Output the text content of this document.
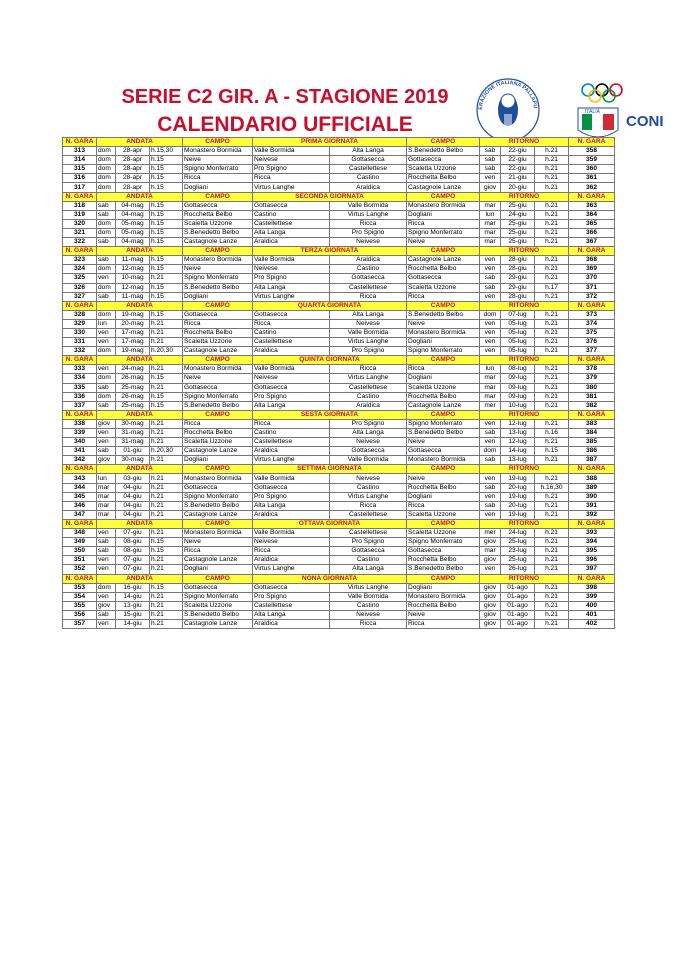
SERIE C2 GIR. A - STAGIONE 2019
CALENDARIO UFFICIALE
ERAZIONE ITALIANA PALLAPU
ITALIA
CONI
N. GARA	ANDATA			CAMPO	PRIMA GIORNATA		CAMPO	RITORNO			N. GARA
313	dom	28-apr	h.15,30	Monastero Bormida	Valle Bormida	Alta Langa	S.Benedetto Belbo	sab	22-giu	h.21	358
314	dom	28-apr	h.15	Neive	Neivese	Gottasecca	Gottasecca	sab	22-giu	h.21	359
315	dom	28-apr	h.15	Spigno Monferrato	Pro Spigno	Castellettese	Scaletta Uzzone	sab	22-giu	h.21	360
316	dom	28-apr	h.15	Ricca	Ricca	Castino	Rocchetta Belbo	ven	21-giu	h.21	361
317	dom	28-apr	h.15	Dogliani	Virtus Langhe	Araldica	Castagnole Lanze	giov	20-giu	h.21	362
N. GARA	ANDATA			CAMPO	SECONDA GIORNATA		CAMPO	RITORNO			N. GARA
318	sab	04-mag	h.15	Gottasecca	Gottasecca	Valle Bormida	Monastero Bormida	mar	25-giu	h.21	363
319	sab	04-mag	h.15	Rocchetta Belbo	Castino	Virtus Langhe	Dogliani	lun	24-giu	h.21	364
320	dom	05-mag	h.15	Scaletta Uzzone	Castellettese	Ricca	Ricca	mar	25-giu	h.21	365
321	dom	05-mag	h.15	S.Benedetto Belbo	Alta Langa	Pro Spigno	Spigno Monferrato	mar	25-giu	h.21	366
322	sab	04-mag	h.15	Castagnole Lanze	Araldica	Neivese	Neive	mar	25-giu	h.21	367
N. GARA	ANDATA			CAMPO	TERZA GIORNATA		CAMPO	RITORNO			N. GARA
323	sab	11-mag	h.15	Monastero Bormida	Valle Bormida	Araldica	Castagnole Lanze	ven	28-giu	h.21	368
324	dom	12-mag	h.15	Neive	Neivese	Castino	Rocchetta Belbo	ven	28-giu	h.21	369
325	ven	10-mag	h.21	Spigno Monferrato	Pro Spigno	Gottasecca	Gottasecca	sab	29-giu	h.21	370
326	dom	12-mag	h.15	S.Benedetto Belbo	Alta Langa	Castellettese	Scaletta Uzzone	sab	29-giu	h.17	371
327	sab	11-mag	h.15	Dogliani	Virtus Langhe	Ricca	Ricca	ven	28-giu	h.21	372
N. GARA	ANDATA			CAMPO	QUARTA GIORNATA		CAMPO	RITORNO			N. GARA
328	dom	19-mag	h.15	Gottasecca	Gottasecca	Alta Langa	S.Benedetto Belbo	dom	07-lug	h.21	373
329	lun	20-mag	h.21	Ricca	Ricca	Neivese	Neive	ven	05-lug	h.21	374
330	ven	17-mag	h.21	Rocchetta Belbo	Castino	Valle Bormida	Monastero Bormida	ven	05-lug	h.21	375
331	ven	17-mag	h.21	Scaletta Uzzone	Castellettese	Virtus Langhe	Dogliani	ven	05-lug	h.21	376
332	dom	19-mag	h.20,30	Castagnole Lanze	Araldica	Pro Spigno	Spigno Monferrato	ven	05-lug	h.21	377
N. GARA	ANDATA			CAMPO	QUINTA GIORNATA		CAMPO	RITORNO			N. GARA
333	ven	24-mag	h.21	Monastero Bormida	Valle Bormida	Ricca	Ricca	lun	08-lug	h.21	378
334	dom	26-mag	h.15	Neive	Neivese	Virtus Langhe	Dogliani	mar	09-lug	h.21	379
335	sab	25-mag	h.21	Gottasecca	Gottasecca	Castellettese	Scaletta Uzzone	mar	09-lug	h.21	380
336	dom	26-mag	h.15	Spigno Monferrato	Pro Spigno	Castino	Rocchetta Belbo	mar	09-lug	h.21	381
337	sab	25-mag	h.15	S.Benedetto Belbo	Alta Langa	Araldica	Castagnole Lanze	mer	10-lug	h.21	382
N. GARA	ANDATA			CAMPO	SESTA GIORNATA		CAMPO	RITORNO			N. GARA
338	giov	30-mag	h.21	Ricca	Ricca	Pro Spigno	Spigno Monferrato	ven	12-lug	h.21	383
339	ven	31-mag	h.21	Rocchetta Belbo	Castino	Alta Langa	S.Benedetto Belbo	sab	13-lug	h.16	384
340	ven	31-mag	h.21	Scaletta Uzzone	Castellettese	Neivese	Neive	ven	12-lug	h.21	385
341	sab	01-giu	h.20,30	Castagnole Lanze	Araldica	Gottasecca	Gottasecca	dom	14-lug	h.15	386
342	giov	30-mag	h.21	Dogliani	Virtus Langhe	Valle Bormida	Monastero Bormida	sab	13-lug	h.21	387
N. GARA	ANDATA			CAMPO	SETTIMA GIORNATA		CAMPO	RITORNO			N. GARA
343	lun	03-giu	h.21	Monastero Bormida	Valle Bormida	Neivese	Neive	ven	19-lug	h.21	388
344	mar	04-giu	h.21	Gottasecca	Gottasecca	Castino	Rocchetta Belbo	sab	20-lug	h.16,30	389
345	mar	04-giu	h.21	Spigno Monferrato	Pro Spigno	Virtus Langhe	Dogliani	ven	19-lug	h.21	390
346	mar	04-giu	h.21	S.Benedetto Belbo	Alta Langa	Ricca	Ricca	sab	20-lug	h.21	391
347	mar	04-giu	h.21	Castagnole Lanze	Araldica	Castellettese	Scaletta Uzzone	ven	19-lug	h.21	392
N. GARA	ANDATA			CAMPO	OTTAVA GIORNATA		CAMPO	RITORNO			N. GARA
348	ven	07-giu	h.21	Monastero Bormida	Valle Bormida	Castellettese	Scaletta Uzzone	mer	24-lug	h.21	393
349	sab	08-giu	h.15	Neive	Neivese	Pro Spigno	Spigno Monferrato	giov	25-lug	h.21	394
350	sab	08-giu	h.15	Ricca	Ricca	Gottasecca	Gottasecca	mar	23-lug	h.21	395
351	ven	07-giu	h.21	Castagnole Lanze	Araldica	Castino	Rocchetta Belbo	giov	25-lug	h.21	396
352	ven	07-giu	h.21	Dogliani	Virtus Langhe	Alta Langa	S.Benedetto Belbo	ven	26-lug	h.21	397
N. GARA	ANDATA			CAMPO	NONA GIORNATA		CAMPO	RITORNO			N. GARA
353	dom	16-giu	h.15	Gottasecca	Gottasecca	Virtus Langhe	Dogliani	giov	01-ago	h.21	398
354	ven	14-giu	h.21	Spigno Monferrato	Pro Spigno	Valle Bormida	Monastero Bormida	giov	01-ago	h.21	399
355	giov	13-giu	h.21	Scaletta Uzzone	Castellettese	Castino	Rocchetta Belbo	giov	01-ago	h.21	400
356	sab	15-giu	h.21	S.Benedetto Belbo	Alta Langa	Neivese	Neive	giov	01-ago	h.21	401
357	ven	14-giu	h.21	Castagnole Lanze	Araldica	Ricca	Ricca	giov	01-ago	h.21	402
